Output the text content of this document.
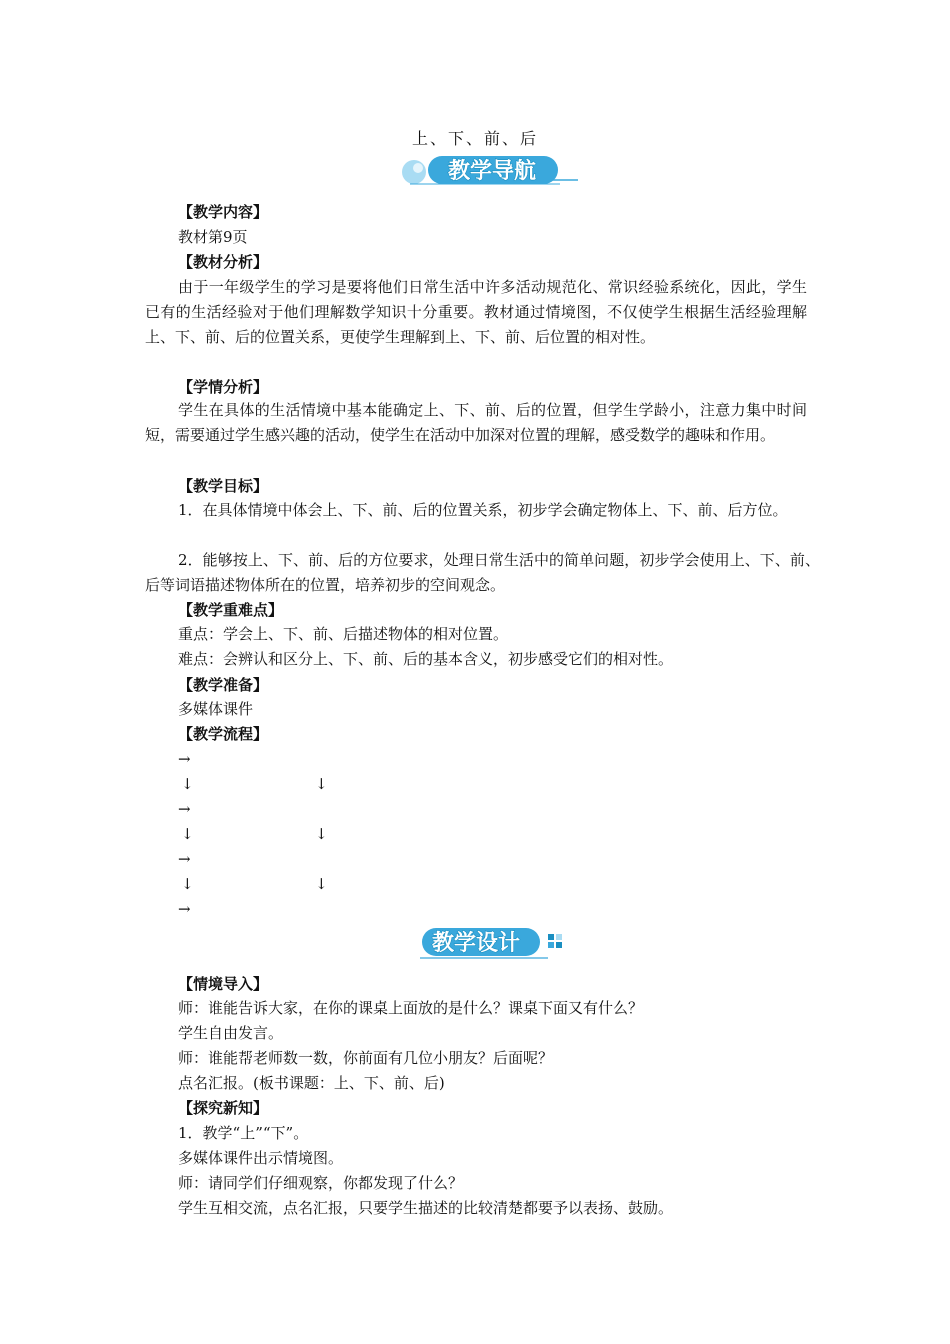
上、下、前、后
教学导航
【教学内容】
教材第9页
【教材分析】
由于一年级学生的学习是要将他们日常生活中许多活动规范化、常识经验系统化，因此，学生已有的生活经验对于他们理解数学知识十分重要。教材通过情境图，不仅使学生根据生活经验理解上、下、前、后的位置关系，更使学生理解到上、下、前、后位置的相对性。
【学情分析】
学生在具体的生活情境中基本能确定上、下、前、后的位置，但学生学龄小，注意力集中时间短，需要通过学生感兴趣的活动，使学生在活动中加深对位置的理解，感受数学的趣味和作用。
【教学目标】
1．在具体情境中体会上、下、前、后的位置关系，初步学会确定物体上、下、前、后方位。
2．能够按上、下、前、后的方位要求，处理日常生活中的简单问题，初步学会使用上、下、前、后等词语描述物体所在的位置，培养初步的空间观念。
【教学重难点】
重点：学会上、下、前、后描述物体的相对位置。
难点：会辨认和区分上、下、前、后的基本含义，初步感受它们的相对性。
【教学准备】
多媒体课件
【教学流程】
→
↓	↓
→
↓	↓
→
↓	↓
→
【情境导入】
师：谁能告诉大家，在你的课桌上面放的是什么？课桌下面又有什么？
学生自由发言。
师：谁能帮老师数一数，你前面有几位小朋友？后面呢？
点名汇报。(板书课题：上、下、前、后)
【探究新知】
1．教学“上”“下”。
多媒体课件出示情境图。
师：请同学们仔细观察，你都发现了什么？
学生互相交流，点名汇报，只要学生描述的比较清楚都要予以表扬、鼓励。
教学设计
